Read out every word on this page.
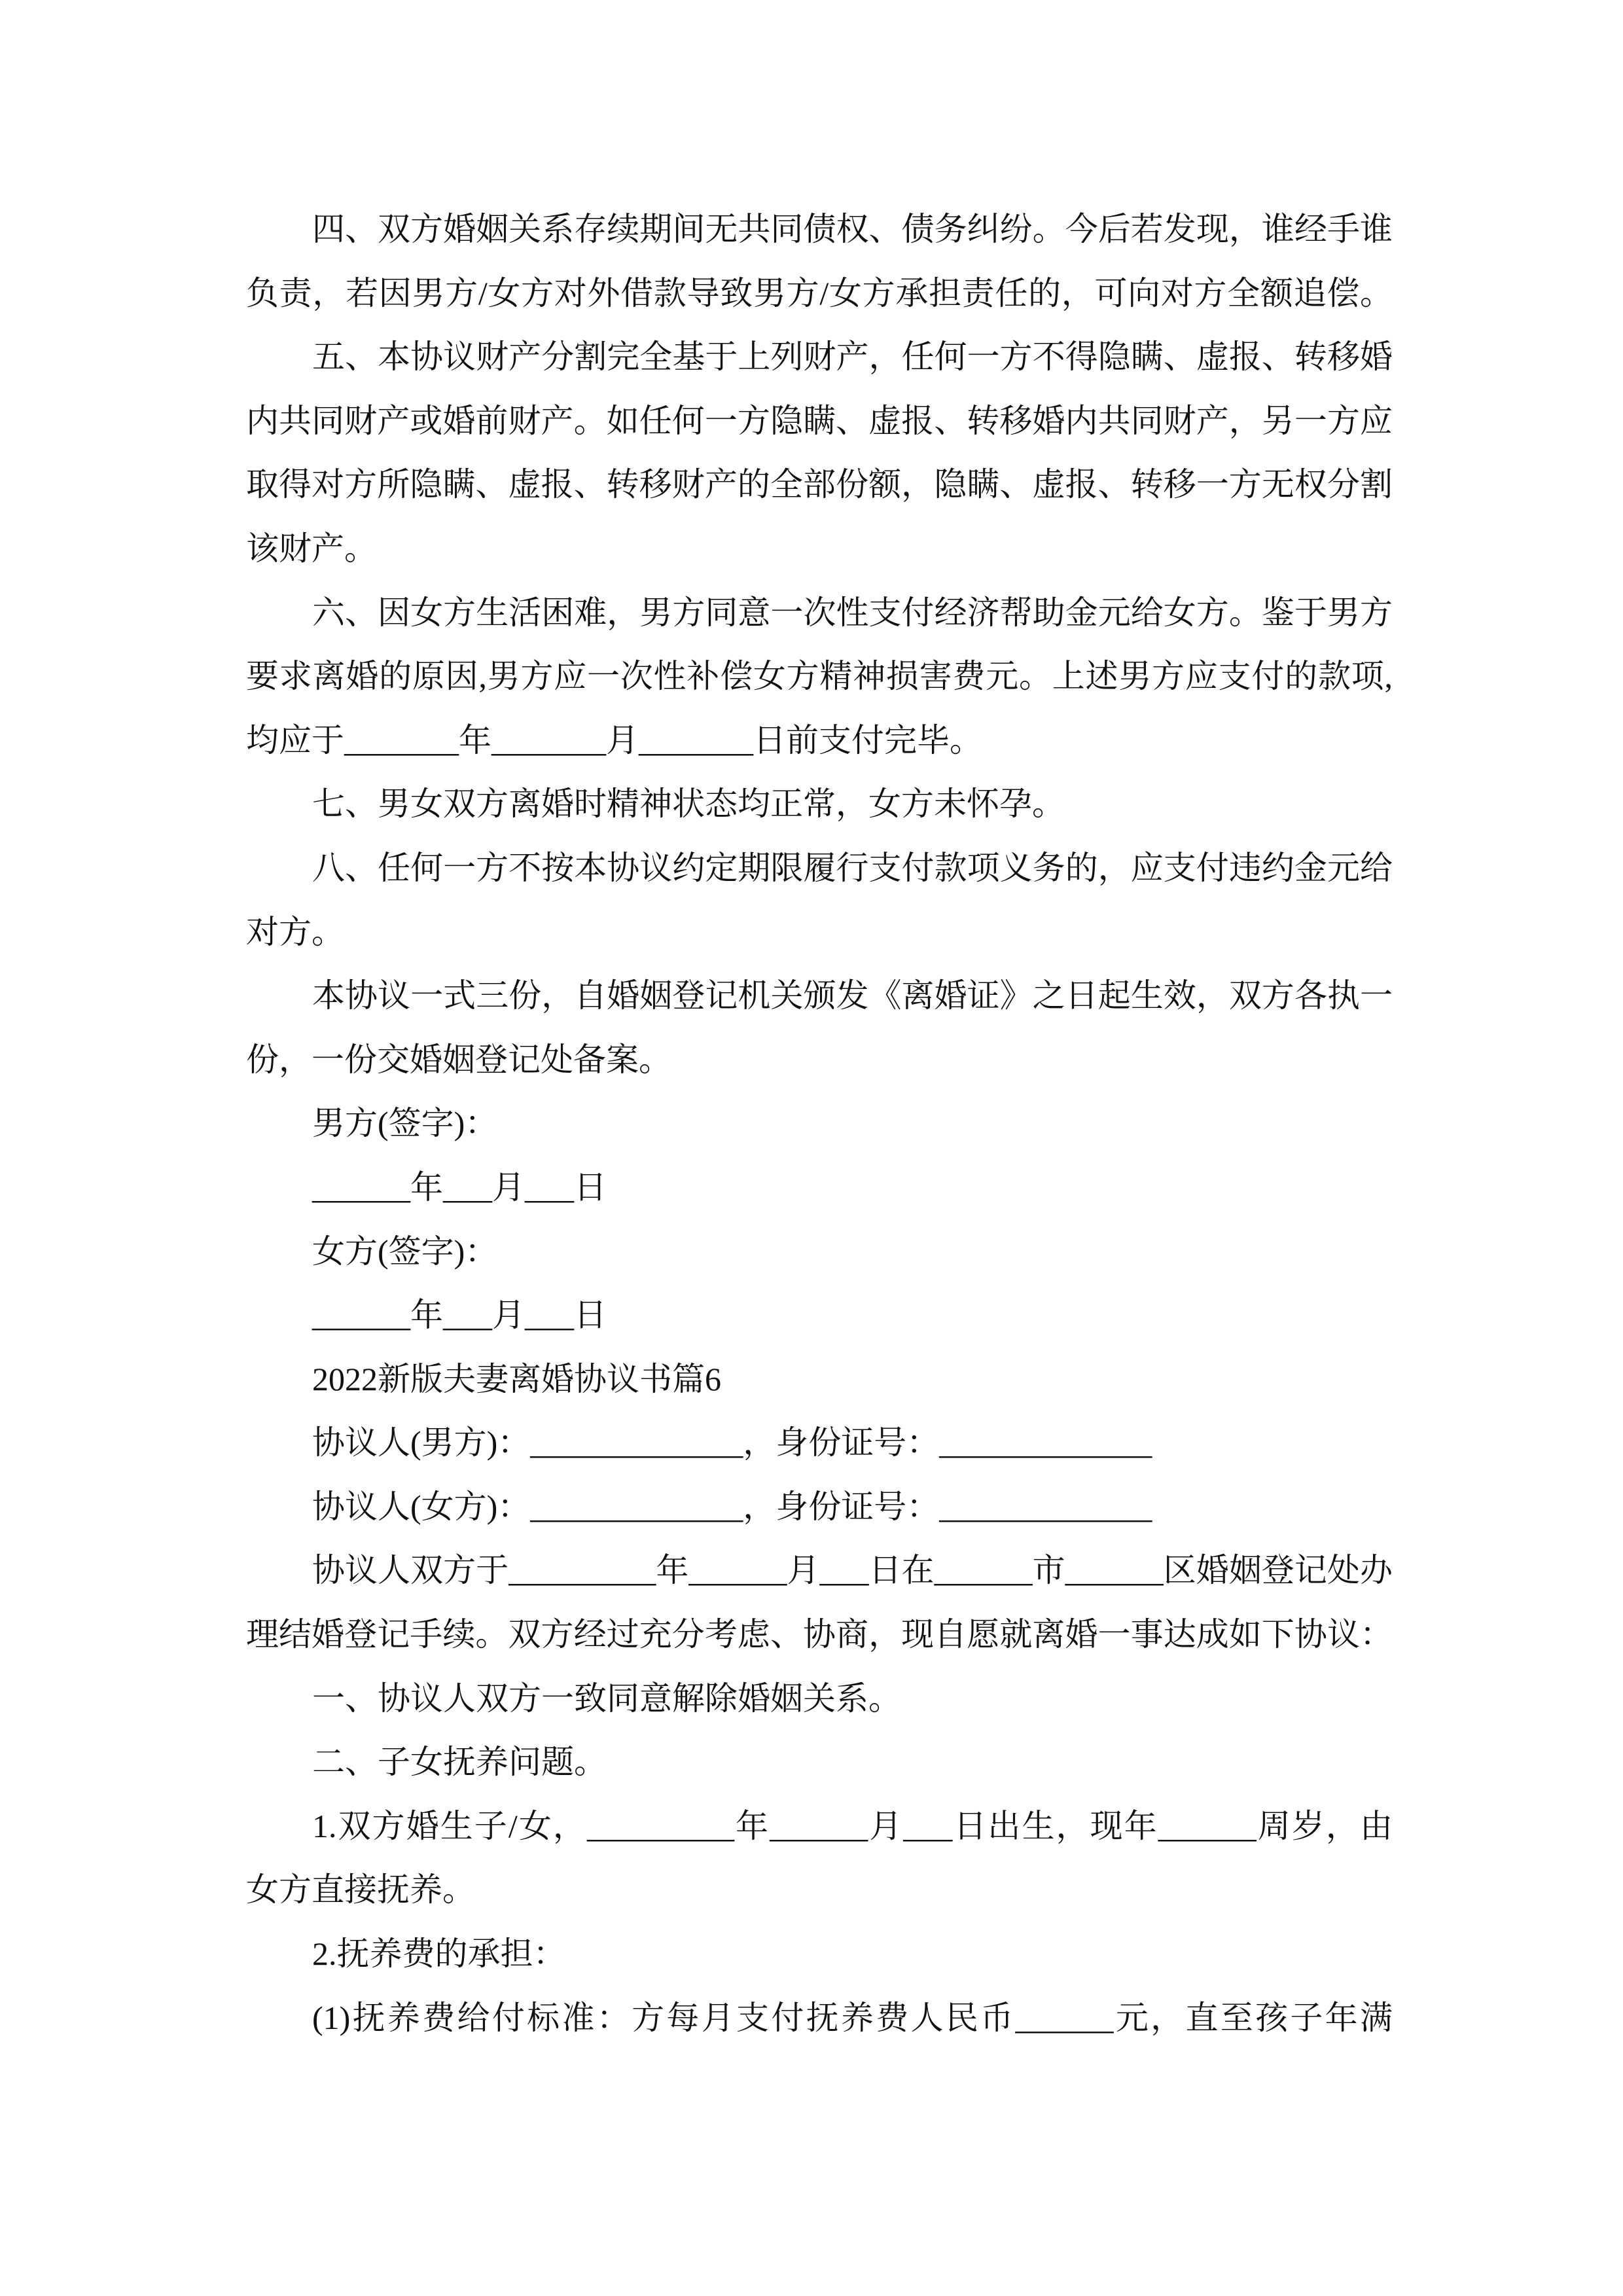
四、双方婚姻关系存续期间无共同债权、债务纠纷。今后若发现，谁经手谁
负责，若因男方/女方对外借款导致男方/女方承担责任的，可向对方全额追偿。
五、本协议财产分割完全基于上列财产，任何一方不得隐瞒、虚报、转移婚
内共同财产或婚前财产。如任何一方隐瞒、虚报、转移婚内共同财产，另一方应
取得对方所隐瞒、虚报、转移财产的全部份额，隐瞒、虚报、转移一方无权分割
该财产。
六、因女方生活困难，男方同意一次性支付经济帮助金元给女方。鉴于男方
要求离婚的原因,男方应一次性补偿女方精神损害费元。上述男方应支付的款项,
均应于_______年_______月_______日前支付完毕。
七、男女双方离婚时精神状态均正常，女方未怀孕。
八、任何一方不按本协议约定期限履行支付款项义务的，应支付违约金元给
对方。
本协议一式三份，自婚姻登记机关颁发《离婚证》之日起生效，双方各执一
份，一份交婚姻登记处备案。
男方(签字)：
______年___月___日
女方(签字)：
______年___月___日
2022新版夫妻离婚协议书篇6
协议人(男方)：_____________，身份证号：_____________
协议人(女方)：_____________，身份证号：_____________
协议人双方于_________年______月___日在______市______区婚姻登记处办
理结婚登记手续。双方经过充分考虑、协商，现自愿就离婚一事达成如下协议：
一、协议人双方一致同意解除婚姻关系。
二、子女抚养问题。
1.双方婚生子/女，_________年______月___日出生，现年______周岁，由
女方直接抚养。
2.抚养费的承担：
(1)抚养费给付标准：方每月支付抚养费人民币______元，直至孩子年满
